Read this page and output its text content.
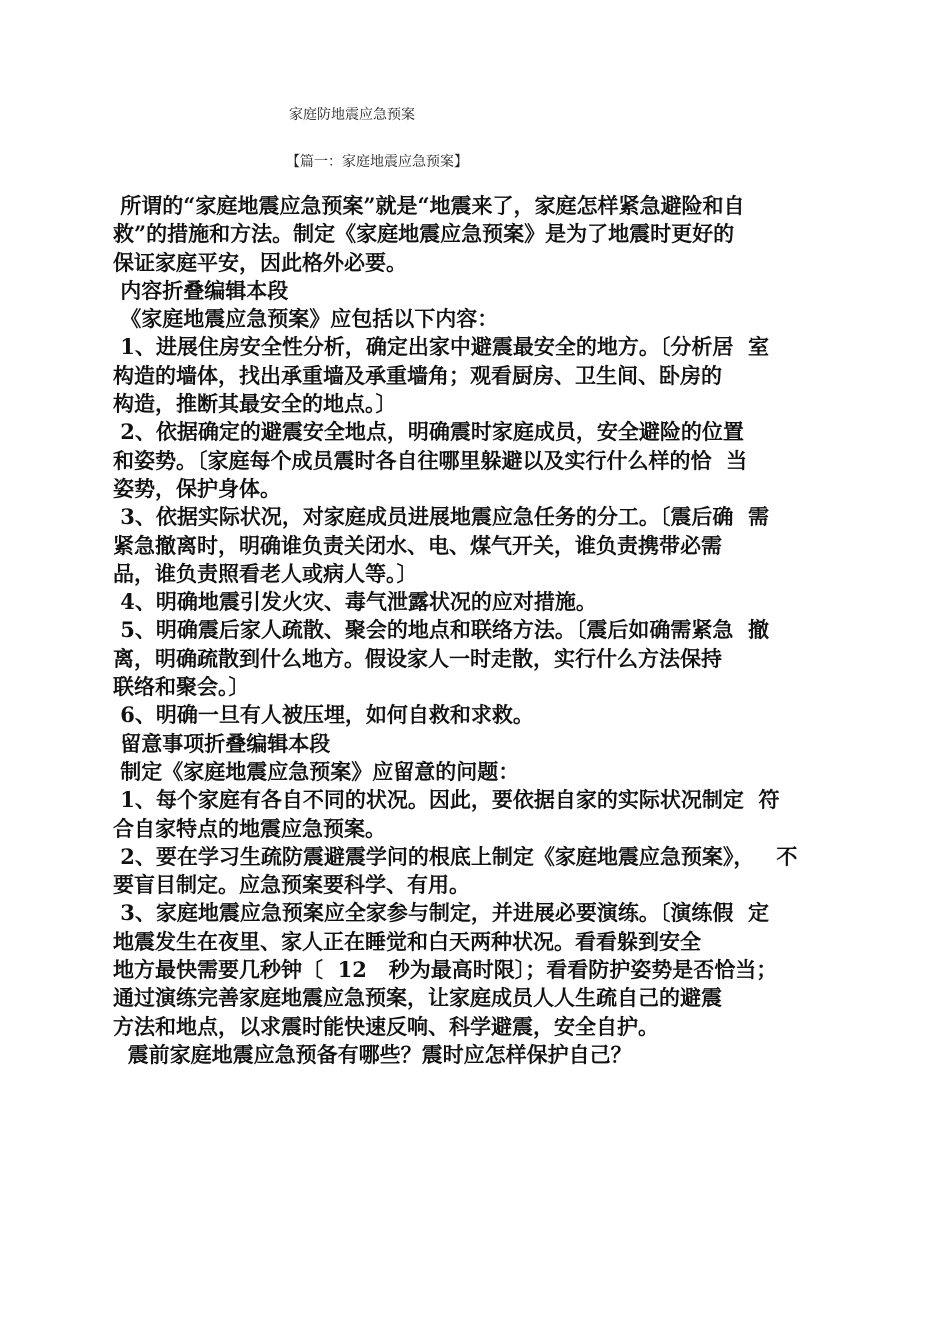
家庭防地震应急预案
【篇一：家庭地震应急预案】
所谓的“家庭地震应急预案”就是“地震来了，家庭怎样紧急避险和自
救”的措施和方法。制定《家庭地震应急预案》是为了地震时更好的
保证家庭平安，因此格外必要。
内容折叠编辑本段
《家庭地震应急预案》应包括以下内容：
1、进展住房安全性分析，确定出家中避震最安全的地方。〔分析居  室
构造的墙体，找出承重墙及承重墙角；观看厨房、卫生间、卧房的
构造，推断其最安全的地点。〕
2、依据确定的避震安全地点，明确震时家庭成员，安全避险的位置
和姿势。〔家庭每个成员震时各自往哪里躲避以及实行什么样的恰  当
姿势，保护身体。
3、依据实际状况，对家庭成员进展地震应急任务的分工。〔震后确  需
紧急撤离时，明确谁负责关闭水、电、煤气开关，谁负责携带必需
品，谁负责照看老人或病人等。〕
4、明确地震引发火灾、毒气泄露状况的应对措施。
5、明确震后家人疏散、聚会的地点和联络方法。〔震后如确需紧急  撤
离，明确疏散到什么地方。假设家人一时走散，实行什么方法保持
联络和聚会。〕
6、明确一旦有人被压埋，如何自救和求救。
留意事项折叠编辑本段
制定《家庭地震应急预案》应留意的问题：
1、每个家庭有各自不同的状况。因此，要依据自家的实际状况制定  符
合自家特点的地震应急预案。
2、要在学习生疏防震避震学问的根底上制定《家庭地震应急预案》，   不
要盲目制定。应急预案要科学、有用。
3、家庭地震应急预案应全家参与制定，并进展必要演练。〔演练假  定
地震发生在夜里、家人正在睡觉和白天两种状况。看看躲到安全
地方最快需要几秒钟〔  12   秒为最高时限〕；看看防护姿势是否恰当；
通过演练完善家庭地震应急预案，让家庭成员人人生疏自己的避震
方法和地点，以求震时能快速反响、科学避震，安全自护。
震前家庭地震应急预备有哪些？震时应怎样保护自己？
